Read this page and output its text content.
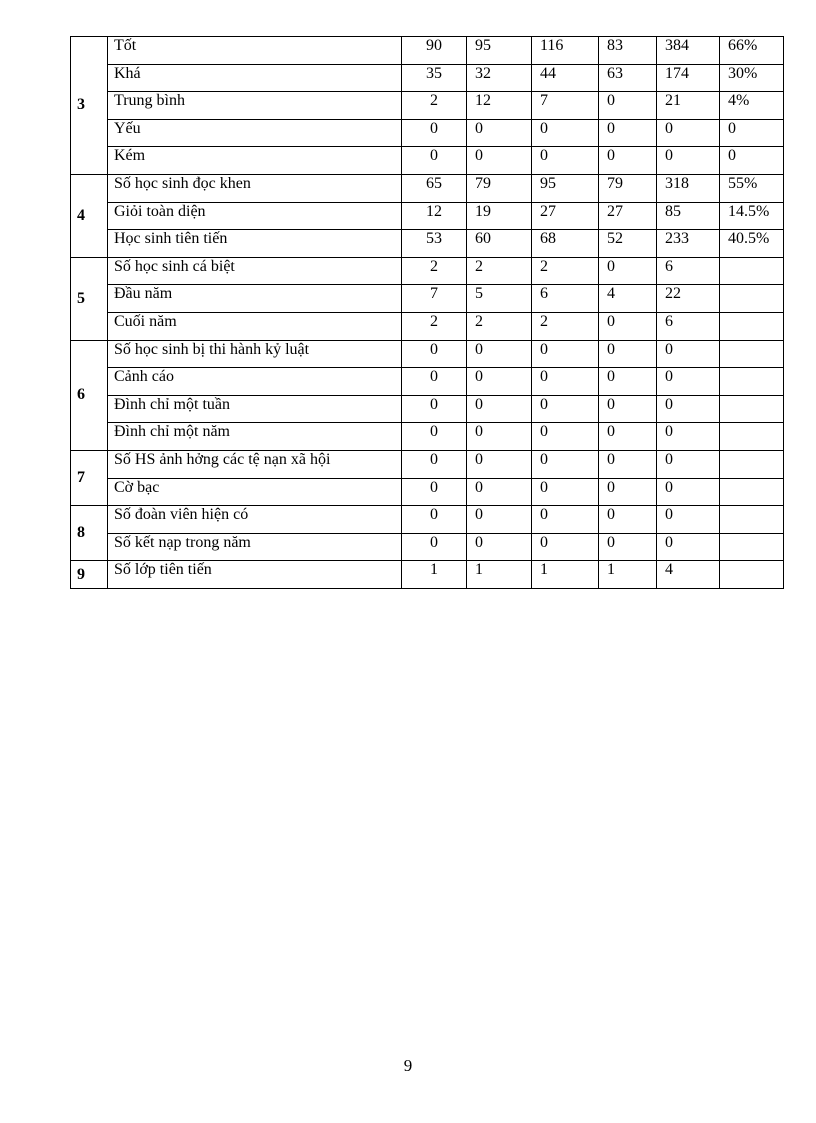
3	Tốt	90	95	116	83	384	66%
	Khá	35	32	44	63	174	30%
	Trung bình	2	12	7	0	21	4%
	Yếu	0	0	0	0	0	0
	Kém	0	0	0	0	0	0
4	Số học sinh đọc khen	65	79	95	79	318	55%
	Giỏi toàn diện	12	19	27	27	85	14.5%
	Học sinh tiên tiến	53	60	68	52	233	40.5%
5	Số học sinh cá biệt	2	2	2	0	6	
	Đầu năm	7	5	6	4	22	
	Cuối năm	2	2	2	0	6	
6	Số học sinh bị thi hành kỷ luật	0	0	0	0	0	
	Cảnh cáo	0	0	0	0	0	
	Đình chỉ một tuần	0	0	0	0	0	
	Đình chỉ một năm	0	0	0	0	0	
7	Số HS ảnh hởng các tệ nạn xã hội	0	0	0	0	0	
	Cờ bạc	0	0	0	0	0	
8	Số đoàn viên hiện có	0	0	0	0	0	
	Số kết nạp trong năm	0	0	0	0	0	
9	Số lớp tiên tiến	1	1	1	1	4	
9
